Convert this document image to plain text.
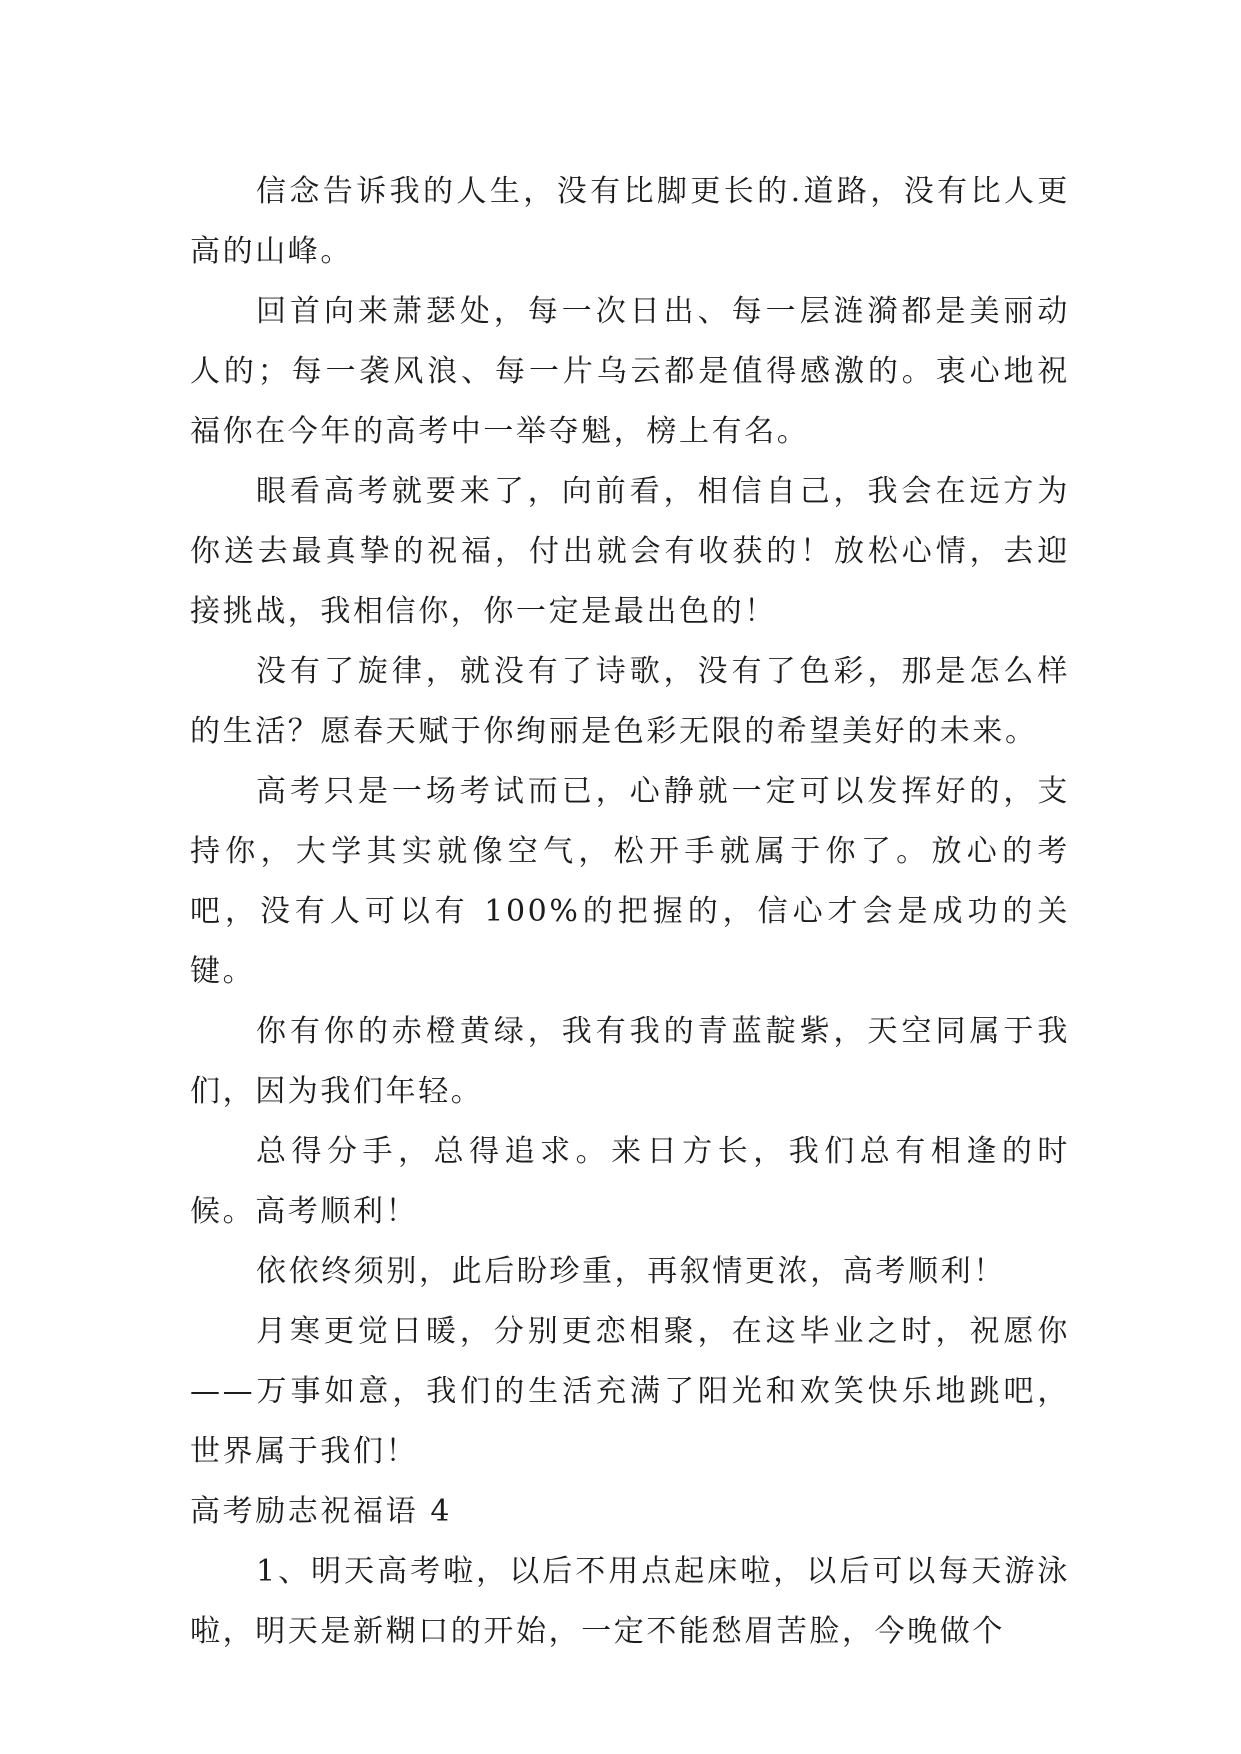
信念告诉我的人生，没有比脚更长的.道路，没有比人更高的山峰。

回首向来萧瑟处，每一次日出、每一层涟漪都是美丽动人的；每一袭风浪、每一片乌云都是值得感激的。衷心地祝福你在今年的高考中一举夺魁，榜上有名。

眼看高考就要来了，向前看，相信自己，我会在远方为你送去最真挚的祝福，付出就会有收获的！放松心情，去迎接挑战，我相信你，你一定是最出色的！

没有了旋律，就没有了诗歌，没有了色彩，那是怎么样的生活？愿春天赋于你绚丽是色彩无限的希望美好的未来。

高考只是一场考试而已，心静就一定可以发挥好的，支持你，大学其实就像空气，松开手就属于你了。放心的考吧，没有人可以有 100%的把握的，信心才会是成功的关键。

你有你的赤橙黄绿，我有我的青蓝靛紫，天空同属于我们，因为我们年轻。

总得分手，总得追求。来日方长，我们总有相逢的时候。高考顺利！

依依终须别，此后盼珍重，再叙情更浓，高考顺利！

月寒更觉日暖，分别更恋相聚，在这毕业之时，祝愿你——万事如意，我们的生活充满了阳光和欢笑快乐地跳吧，世界属于我们！

高考励志祝福语 4

1、明天高考啦，以后不用点起床啦，以后可以每天游泳啦，明天是新糊口的开始，一定不能愁眉苦脸，今晚做个
